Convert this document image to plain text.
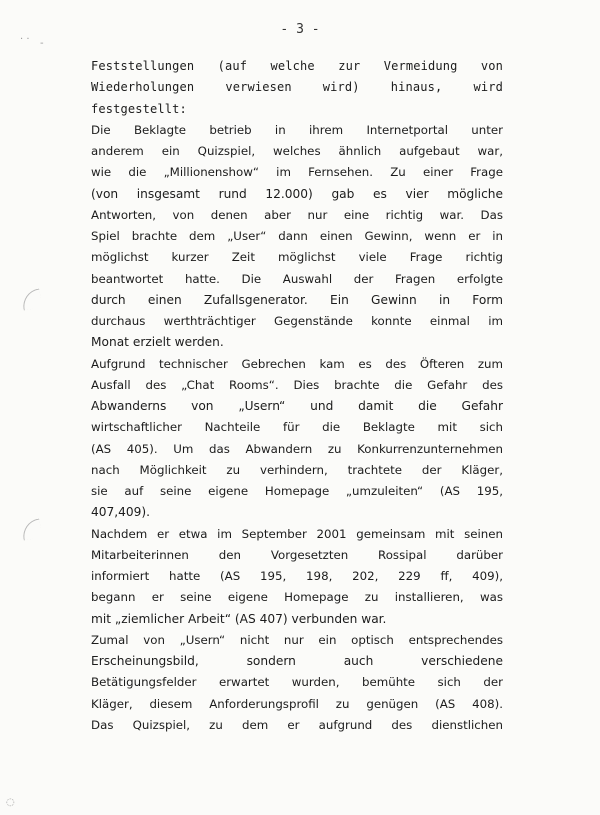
- 3 -
· · -
◌
Feststellungen (auf welche zur Vermeidung von
Wiederholungen verwiesen wird) hinaus, wird
festgestellt:
Die Beklagte betrieb in ihrem Internetportal unter
anderem ein Quizspiel, welches ähnlich aufgebaut war,
wie die „Millionenshow“ im Fernsehen. Zu einer Frage
(von insgesamt rund 12.000) gab es vier mögliche
Antworten, von denen aber nur eine richtig war. Das
Spiel brachte dem „User“ dann einen Gewinn, wenn er in
möglichst kurzer Zeit möglichst viele Frage richtig
beantwortet hatte. Die Auswahl der Fragen erfolgte
durch einen Zufallsgenerator. Ein Gewinn in Form
durchaus werthträchtiger Gegenstände konnte einmal im
Monat erzielt werden.
Aufgrund technischer Gebrechen kam es des Öfteren zum
Ausfall des „Chat Rooms“. Dies brachte die Gefahr des
Abwanderns von „Usern“ und damit die Gefahr
wirtschaftlicher Nachteile für die Beklagte mit sich
(AS 405). Um das Abwandern zu Konkurrenzunternehmen
nach Möglichkeit zu verhindern, trachtete der Kläger,
sie auf seine eigene Homepage „umzuleiten“ (AS 195,
407,409).
Nachdem er etwa im September 2001 gemeinsam mit seinen
Mitarbeiterinnen den Vorgesetzten Rossipal darüber
informiert hatte (AS 195, 198, 202, 229 ff, 409),
begann er seine eigene Homepage zu installieren, was
mit „ziemlicher Arbeit“ (AS 407) verbunden war.
Zumal von „Usern“ nicht nur ein optisch entsprechendes
Erscheinungsbild, sondern auch verschiedene
Betätigungsfelder erwartet wurden, bemühte sich der
Kläger, diesem Anforderungsprofil zu genügen (AS 408).
Das Quizspiel, zu dem er aufgrund des dienstlichen
